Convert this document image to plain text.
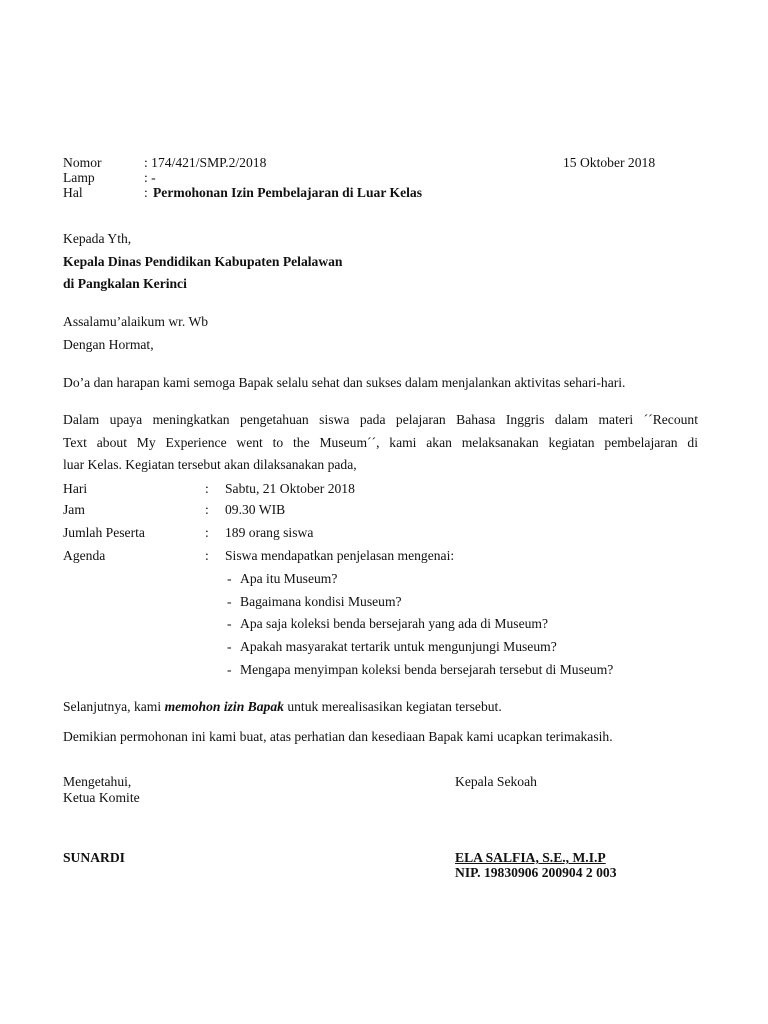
Nomor	: 174/421/SMP.2/2018	15 Oktober 2018
Lamp	: -
Hal	: Permohonan Izin Pembelajaran di Luar Kelas
Kepada Yth,
Kepala Dinas Pendidikan Kabupaten Pelalawan
di Pangkalan Kerinci
Assalamu’alaikum wr. Wb
Dengan Hormat,
Do’a dan harapan kami semoga Bapak selalu sehat dan sukses dalam menjalankan aktivitas sehari-hari.
Dalam upaya meningkatkan pengetahuan siswa pada pelajaran Bahasa Inggris dalam materi ´´Recount
Text about My Experience went to the Museum´´, kami akan melaksanakan kegiatan pembelajaran di
luar Kelas. Kegiatan tersebut akan dilaksanakan pada,
Hari	: Sabtu, 21 Oktober 2018
Jam	: 09.30 WIB
Jumlah Peserta	: 189 orang siswa
Agenda	: Siswa mendapatkan penjelasan mengenai:
- Apa itu Museum?
- Bagaimana kondisi Museum?
- Apa saja koleksi benda bersejarah yang ada di Museum?
- Apakah masyarakat tertarik untuk mengunjungi Museum?
- Mengapa menyimpan koleksi benda bersejarah tersebut di Museum?
Selanjutnya, kami memohon izin Bapak untuk merealisasikan kegiatan tersebut.
Demikian permohonan ini kami buat, atas perhatian dan kesediaan Bapak kami ucapkan terimakasih.
Mengetahui,
Ketua Komite
SUNARDI
Kepala Sekoah
ELA SALFIA, S.E., M.I.P
NIP. 19830906 200904 2 003
